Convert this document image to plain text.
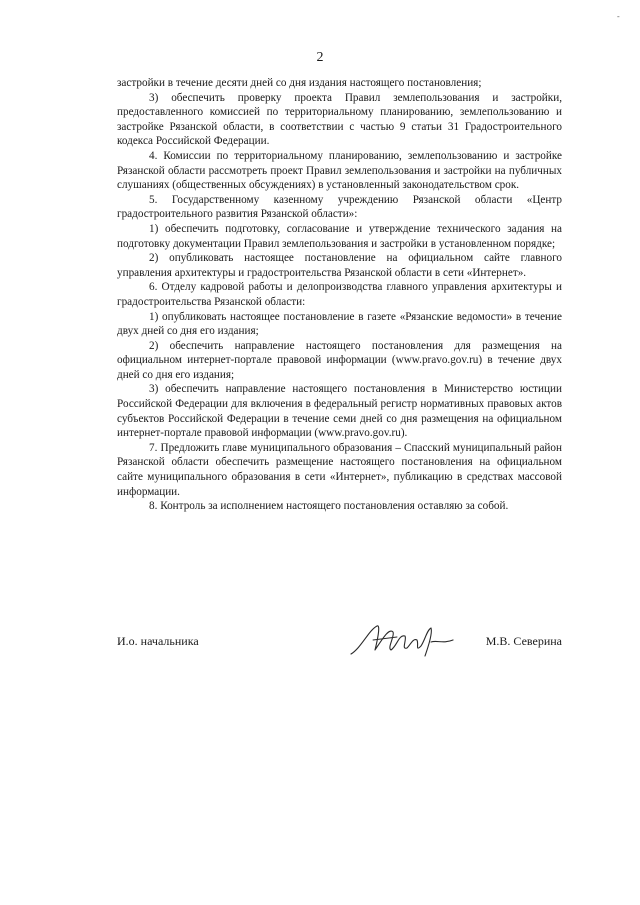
-
2

застройки в течение десяти дней со дня издания настоящего постановления;

3) обеспечить проверку проекта Правил землепользования и застройки, предоставленного комиссией по территориальному планированию, землепользованию и застройке Рязанской области, в соответствии с частью 9 статьи 31 Градостроительного кодекса Российской Федерации.

4. Комиссии по территориальному планированию, землепользованию и застройке Рязанской области рассмотреть проект Правил землепользования и застройки на публичных слушаниях (общественных обсуждениях) в установленный законодательством срок.

5. Государственному казенному учреждению Рязанской области «Центр градостроительного развития Рязанской области»:

1) обеспечить подготовку, согласование и утверждение технического задания на подготовку документации Правил землепользования и застройки в установленном порядке;

2) опубликовать настоящее постановление на официальном сайте главного управления архитектуры и градостроительства Рязанской области в сети «Интернет».

6. Отделу кадровой работы и делопроизводства главного управления архитектуры и градостроительства Рязанской области:

1) опубликовать настоящее постановление в газете «Рязанские ведомости» в течение двух дней со дня его издания;

2) обеспечить направление настоящего постановления для размещения на официальном интернет-портале правовой информации (www.pravo.gov.ru) в течение двух дней со дня его издания;

3) обеспечить направление настоящего постановления в Министерство юстиции Российской Федерации для включения в федеральный регистр нормативных правовых актов субъектов Российской Федерации в течение семи дней со дня размещения на официальном интернет-портале правовой информации (www.pravo.gov.ru).

7. Предложить главе муниципального образования – Спасский муниципальный район Рязанской области обеспечить размещение настоящего постановления на официальном сайте муниципального образования в сети «Интернет», публикацию в средствах массовой информации.

8. Контроль за исполнением настоящего постановления оставляю за собой.

И.о. начальника	М.В. Северина
